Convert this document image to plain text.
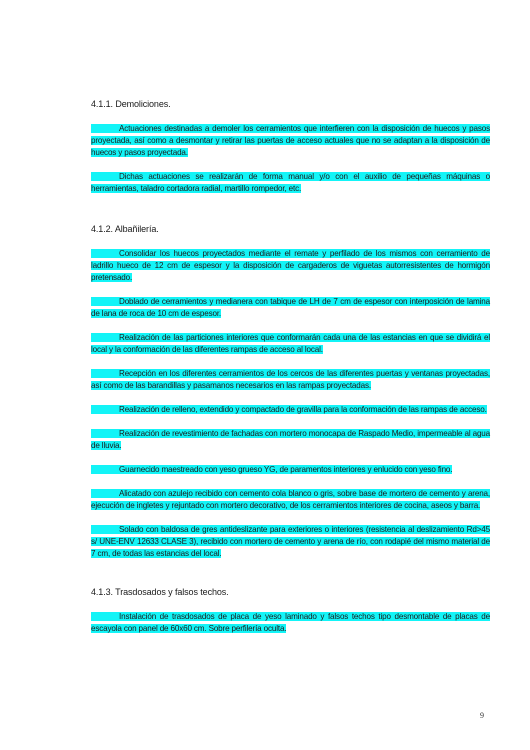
4.1.1. Demoliciones.

Actuaciones destinadas a demoler los cerramientos que interfieren con la disposición de huecos y pasos proyectada, así como a desmontar y retirar las puertas de acceso actuales que no se adaptan a la disposición de huecos y pasos proyectada.

Dichas actuaciones se realizarán de forma manual y/o con el auxilio de pequeñas máquinas o herramientas, taladro cortadora radial, martillo rompedor, etc.

4.1.2. Albañilería.

Consolidar los huecos proyectados mediante el remate y perfilado de los mismos con cerramiento de ladrillo hueco de 12 cm de espesor y la disposición de cargaderos de viguetas autorresistentes de hormigón pretensado.

Doblado de cerramientos y medianera con tabique de LH de 7 cm de espesor con interposición de lamina de lana de roca de 10 cm de espesor.

Realización de las particiones interiores que conformarán cada una de las estancias en que se dividirá el local y la conformación de las diferentes rampas de acceso al local.

Recepción en los diferentes cerramientos de los cercos de las diferentes puertas y ventanas proyectadas, así como de las barandillas y pasamanos necesarios en las rampas proyectadas.

Realización de relleno, extendido y compactado de gravilla para la conformación de las rampas de acceso.

Realización de revestimiento de fachadas con mortero monocapa de Raspado Medio, impermeable al agua de lluvia.

Guarnecido maestreado con yeso grueso YG, de paramentos interiores y enlucido con yeso fino.

Alicatado con azulejo recibido con cemento cola blanco o gris, sobre base de mortero de cemento y arena, ejecución de ingletes y rejuntado con mortero decorativo, de los cerramientos interiores de cocina, aseos y barra.

Solado con baldosa de gres antideslizante para exteriores o interiores (resistencia al deslizamiento Rd>45 s/ UNE-ENV 12633 CLASE 3), recibido con mortero de cemento y arena de río, con rodapié del mismo material de 7 cm, de todas las estancias del local.

4.1.3. Trasdosados y falsos techos.

Instalación de trasdosados de placa de yeso laminado y falsos techos tipo desmontable de placas de escayola con panel de 60x60 cm. Sobre perfilería oculta.

9
